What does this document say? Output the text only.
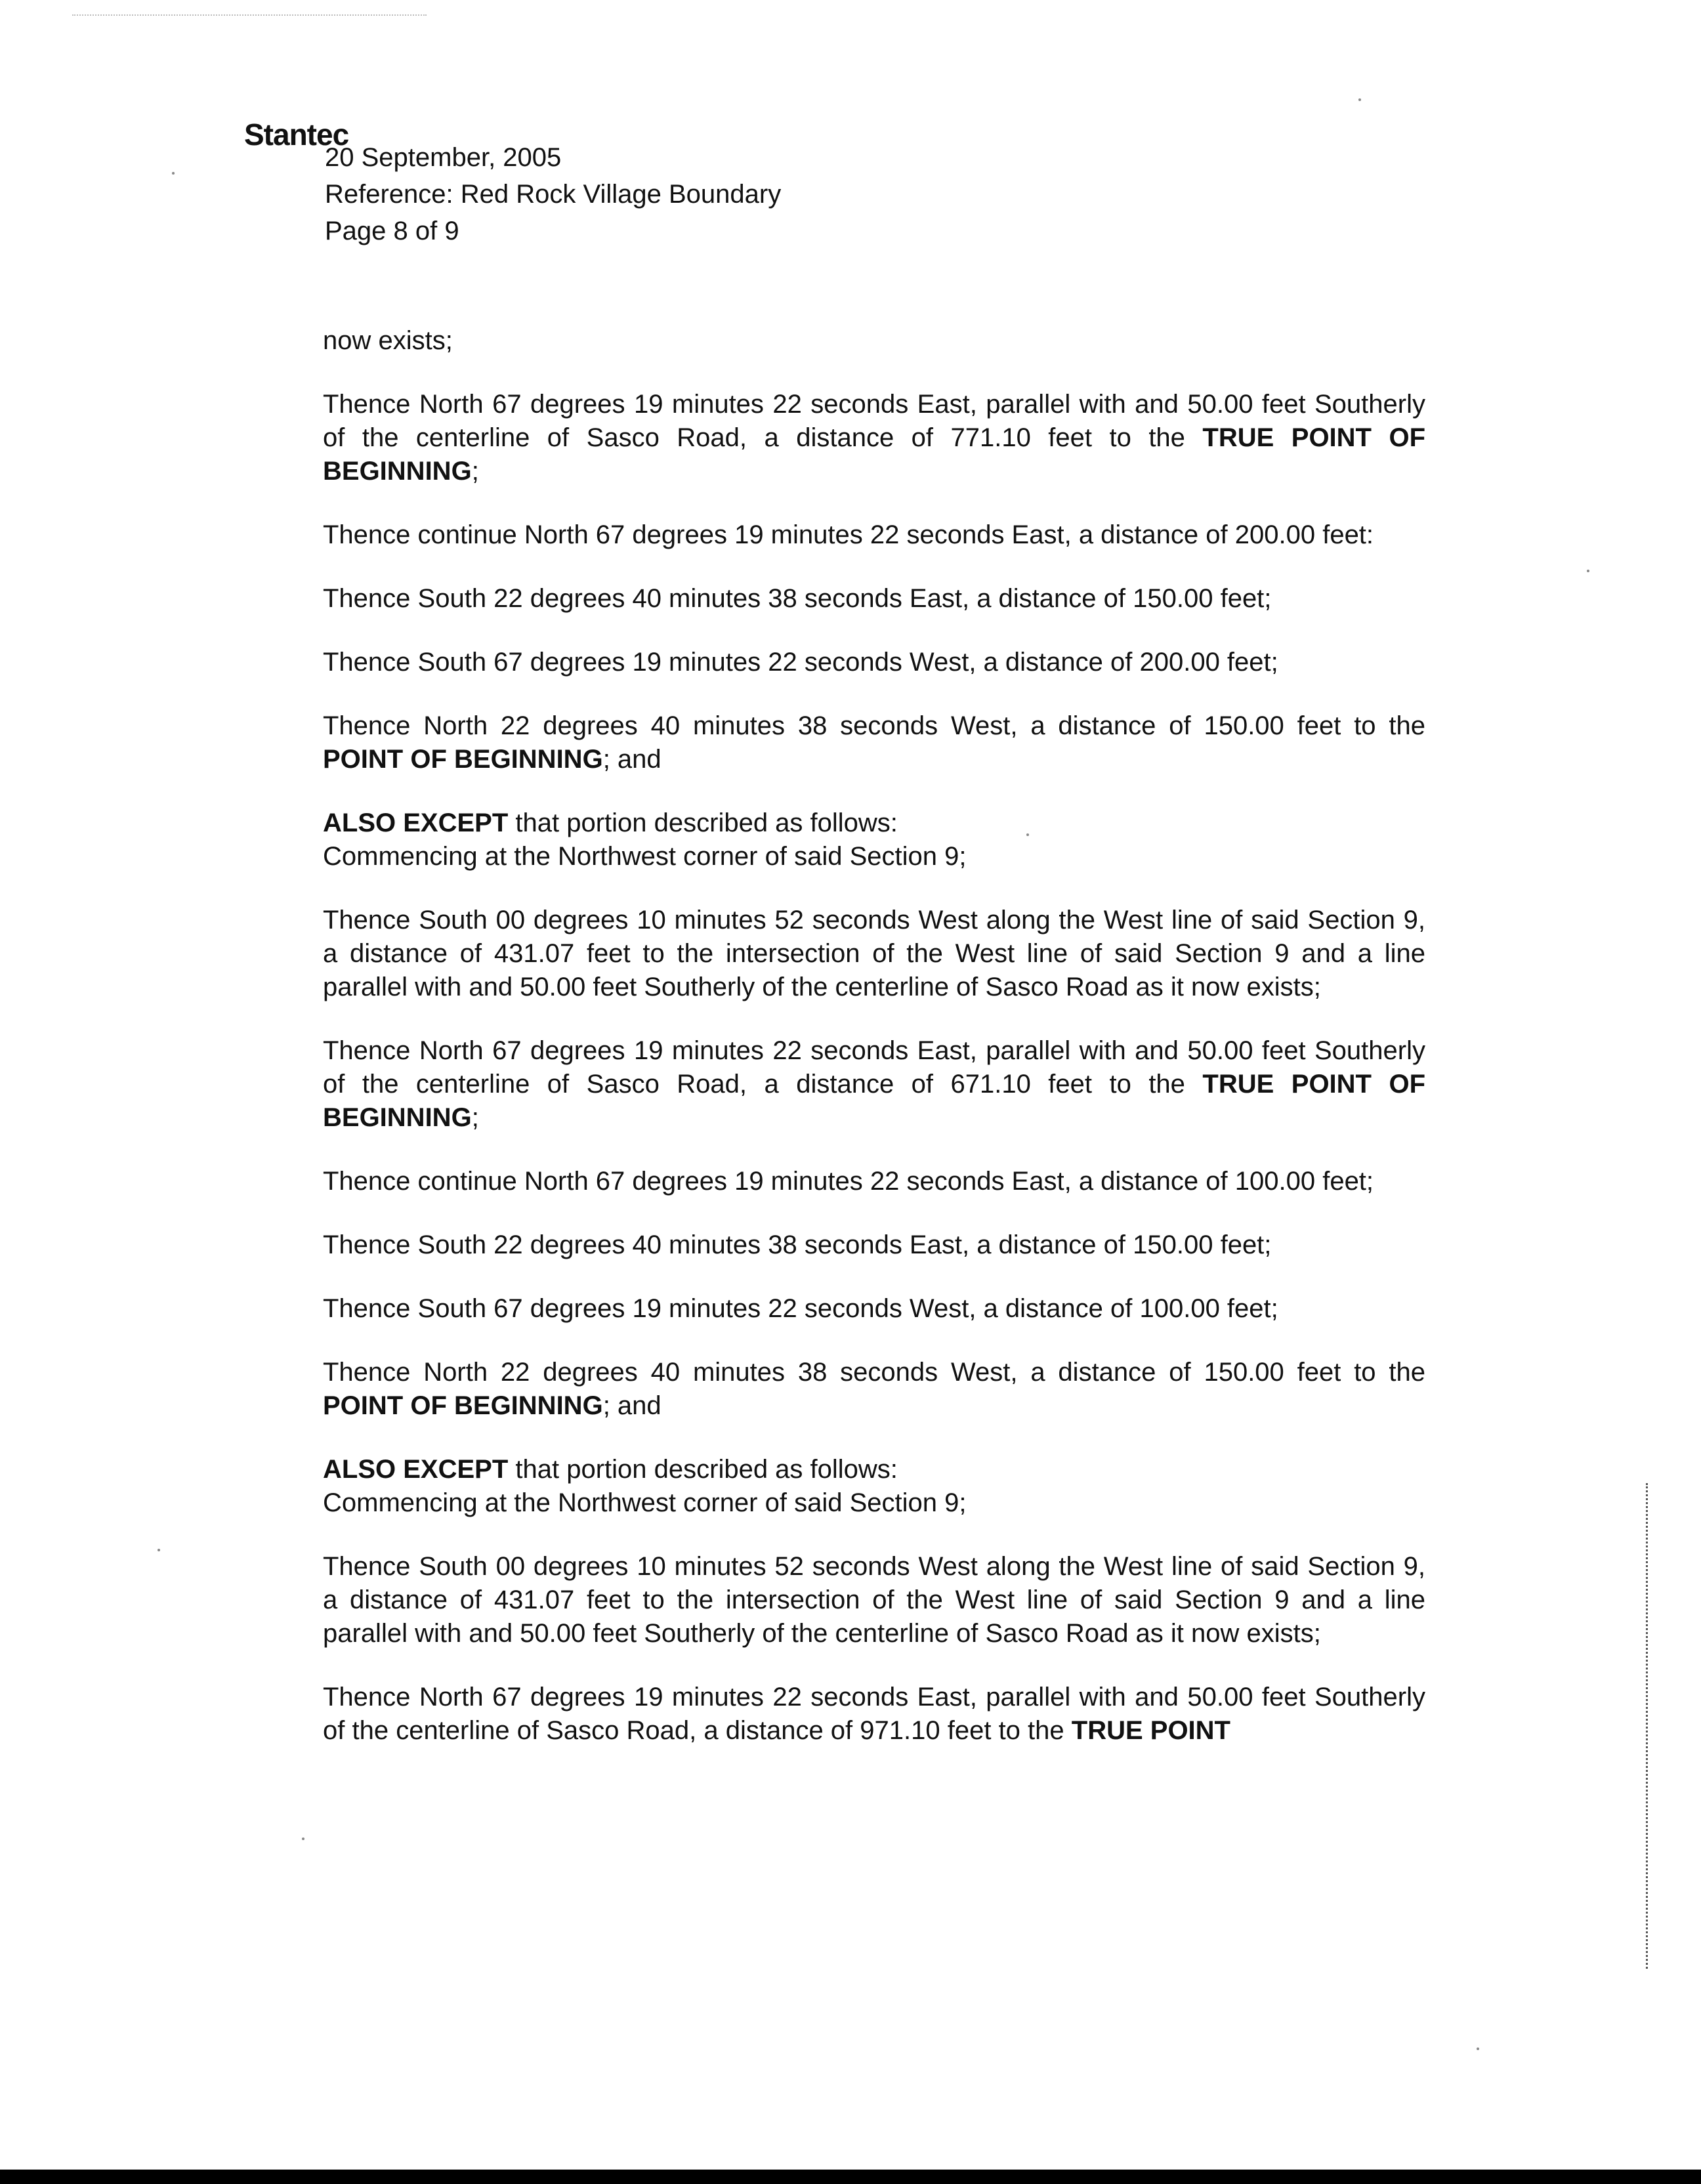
Stantec
20 September, 2005
Reference: Red Rock Village Boundary
Page 8 of 9

now exists;

Thence North 67 degrees 19 minutes 22 seconds East, parallel with and 50.00 feet Southerly of the centerline of Sasco Road, a distance of 771.10 feet to the TRUE POINT OF BEGINNING;

Thence continue North 67 degrees 19 minutes 22 seconds East, a distance of 200.00 feet:

Thence South 22 degrees 40 minutes 38 seconds East, a distance of 150.00 feet;

Thence South 67 degrees 19 minutes 22 seconds West, a distance of 200.00 feet;

Thence North 22 degrees 40 minutes 38 seconds West, a distance of 150.00 feet to the POINT OF BEGINNING; and

ALSO EXCEPT that portion described as follows:

Commencing at the Northwest corner of said Section 9;

Thence South 00 degrees 10 minutes 52 seconds West along the West line of said Section 9, a distance of 431.07 feet to the intersection of the West line of said Section 9 and a line parallel with and 50.00 feet Southerly of the centerline of Sasco Road as it now exists;

Thence North 67 degrees 19 minutes 22 seconds East, parallel with and 50.00 feet Southerly of the centerline of Sasco Road, a distance of 671.10 feet to the TRUE POINT OF BEGINNING;

Thence continue North 67 degrees 19 minutes 22 seconds East, a distance of 100.00 feet;

Thence South 22 degrees 40 minutes 38 seconds East, a distance of 150.00 feet;

Thence South 67 degrees 19 minutes 22 seconds West, a distance of 100.00 feet;

Thence North 22 degrees 40 minutes 38 seconds West, a distance of 150.00 feet to the POINT OF BEGINNING; and

ALSO EXCEPT that portion described as follows:

Commencing at the Northwest corner of said Section 9;

Thence South 00 degrees 10 minutes 52 seconds West along the West line of said Section 9, a distance of 431.07 feet to the intersection of the West line of said Section 9 and a line parallel with and 50.00 feet Southerly of the centerline of Sasco Road as it now exists;

Thence North 67 degrees 19 minutes 22 seconds East, parallel with and 50.00 feet Southerly of the centerline of Sasco Road, a distance of 971.10 feet to the TRUE POINT
